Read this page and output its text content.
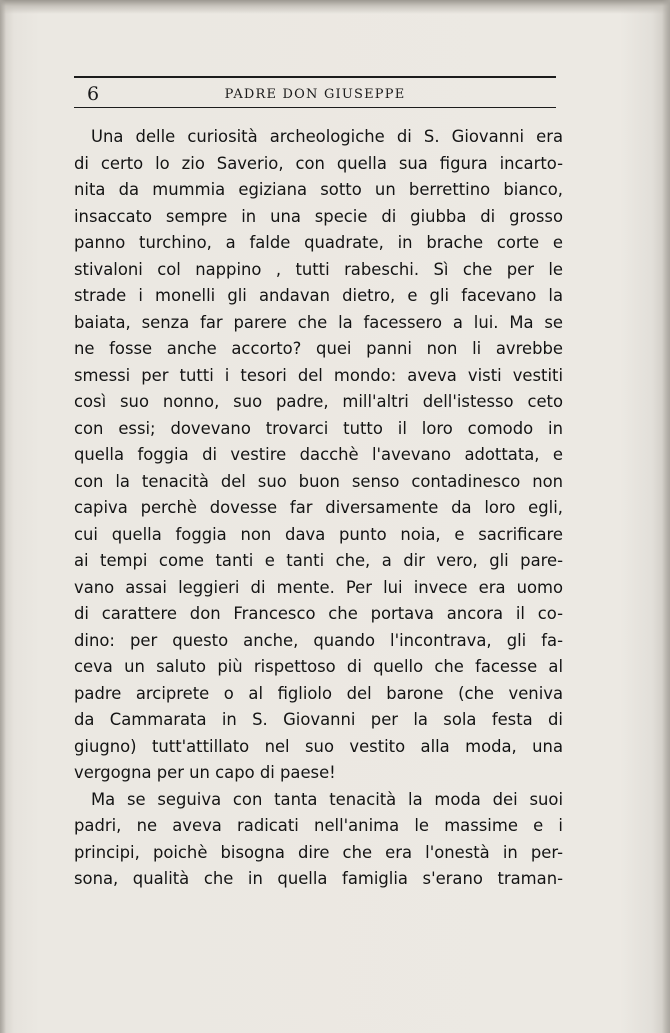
6	PADRE DON GIUSEPPE
Una delle curiosità archeologiche di S. Giovanni era
di certo lo zio Saverio, con quella sua figura incarto-
nita da mummia egiziana sotto un berrettino bianco,
insaccato sempre in una specie di giubba di grosso
panno turchino, a falde quadrate, in brache corte e
stivaloni col nappino , tutti rabeschi. Sì che per le
strade i monelli gli andavan dietro, e gli facevano la
baiata, senza far parere che la facessero a lui. Ma se
ne fosse anche accorto? quei panni non li avrebbe
smessi per tutti i tesori del mondo: aveva visti vestiti
così suo nonno, suo padre, mill'altri dell'istesso ceto
con essi; dovevano trovarci tutto il loro comodo in
quella foggia di vestire dacchè l'avevano adottata, e
con la tenacità del suo buon senso contadinesco non
capiva perchè dovesse far diversamente da loro egli,
cui quella foggia non dava punto noia, e sacrificare
ai tempi come tanti e tanti che, a dir vero, gli pare-
vano assai leggieri di mente. Per lui invece era uomo
di carattere don Francesco che portava ancora il co-
dino: per questo anche, quando l'incontrava, gli fa-
ceva un saluto più rispettoso di quello che facesse al
padre arciprete o al figliolo del barone (che veniva
da Cammarata in S. Giovanni per la sola festa di
giugno) tutt'attillato nel suo vestito alla moda, una
vergogna per un capo di paese!
Ma se seguiva con tanta tenacità la moda dei suoi
padri, ne aveva radicati nell'anima le massime e i
principi, poichè bisogna dire che era l'onestà in per-
sona, qualità che in quella famiglia s'erano traman-
